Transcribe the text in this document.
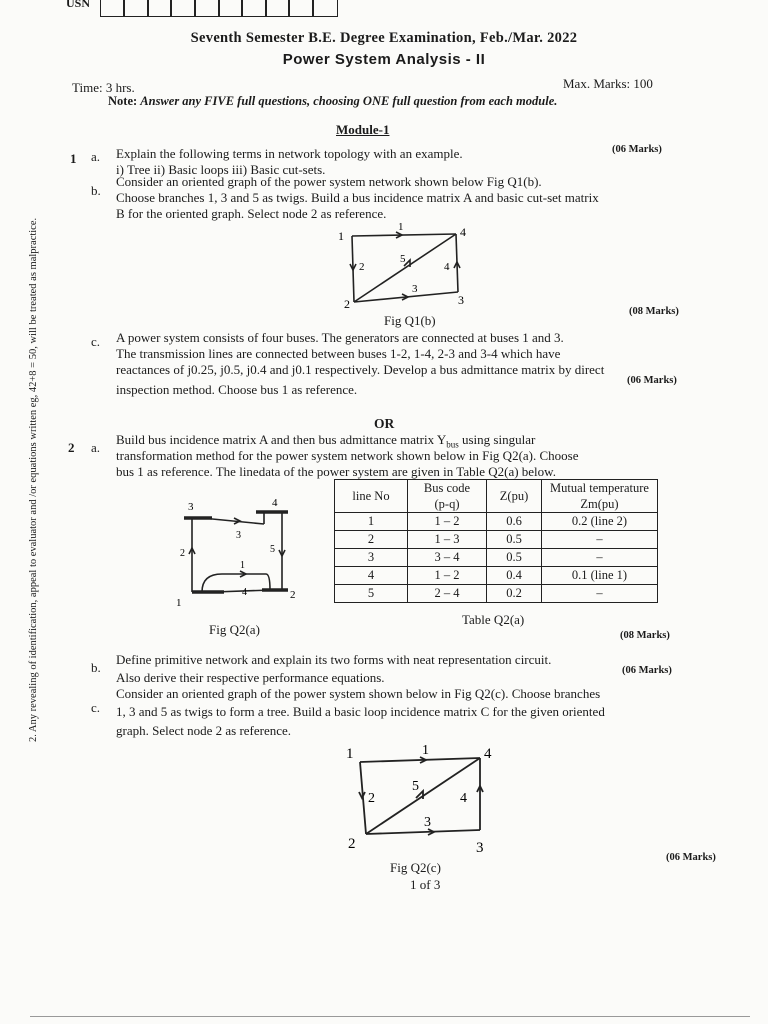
USN
Seventh Semester B.E. Degree Examination, Feb./Mar. 2022
Power System Analysis - II
Time: 3 hrs.	Max. Marks: 100
Note: Answer any FIVE full questions, choosing ONE full question from each module.
2. Any revealing of identification, appeal to evaluator and /or equations written eg, 42+8 = 50, will be treated as malpractice.
Module-1
1 a. Explain the following terms in network topology with an example.	(06 Marks)
i) Tree ii) Basic loops iii) Basic cut-sets.
b.
Consider an oriented graph of the power system network shown below Fig Q1(b).
Choose branches 1, 3 and 5 as twigs. Build a bus incidence matrix A and basic cut-set matrix
B for the oriented graph. Select node 2 as reference.
1	4
2	3
1
2
3
4
5
Fig Q1(b)
(08 Marks)
c. A power system consists of four buses. The generators are connected at buses 1 and 3.
The transmission lines are connected between buses 1-2, 1-4, 2-3 and 3-4 which have
reactances of j0.25, j0.5, j0.4 and j0.1 respectively. Develop a bus admittance matrix by direct
inspection method. Choose bus 1 as reference.
(06 Marks)
OR
2 a.
Build bus incidence matrix A and then bus admittance matrix $Y_{bus}$ using singular
transformation method for the power system network shown below in Fig Q2(a). Choose
bus 1 as reference. The linedata of the power system are given in Table Q2(a) below.
3	4
1
2
3
1
2	5
4
Fig Q2(a)
line No	Bus code
(p-q)	Z(pu)	Mutual temperature
Zm(pu)
1	1 – 2	0.6	0.2 (line 2)
2	1 – 3	0.5	–
3	3 – 4	0.5	–
4	1 – 2	0.4	0.1 (line 1)
5	2 – 4	0.2	–
Table Q2(a)
(08 Marks)
b.
Define primitive network and explain its two forms with neat representation circuit.
Also derive their respective performance equations.	(06 Marks)
c.
Consider an oriented graph of the power system shown below in Fig Q2(c). Choose branches
1, 3 and 5 as twigs to form a tree. Build a basic loop incidence matrix C for the given oriented
graph. Select node 2 as reference.
1	4
2	3
1
2
3
4
5
Fig Q2(c)
(06 Marks)
1 of 3
